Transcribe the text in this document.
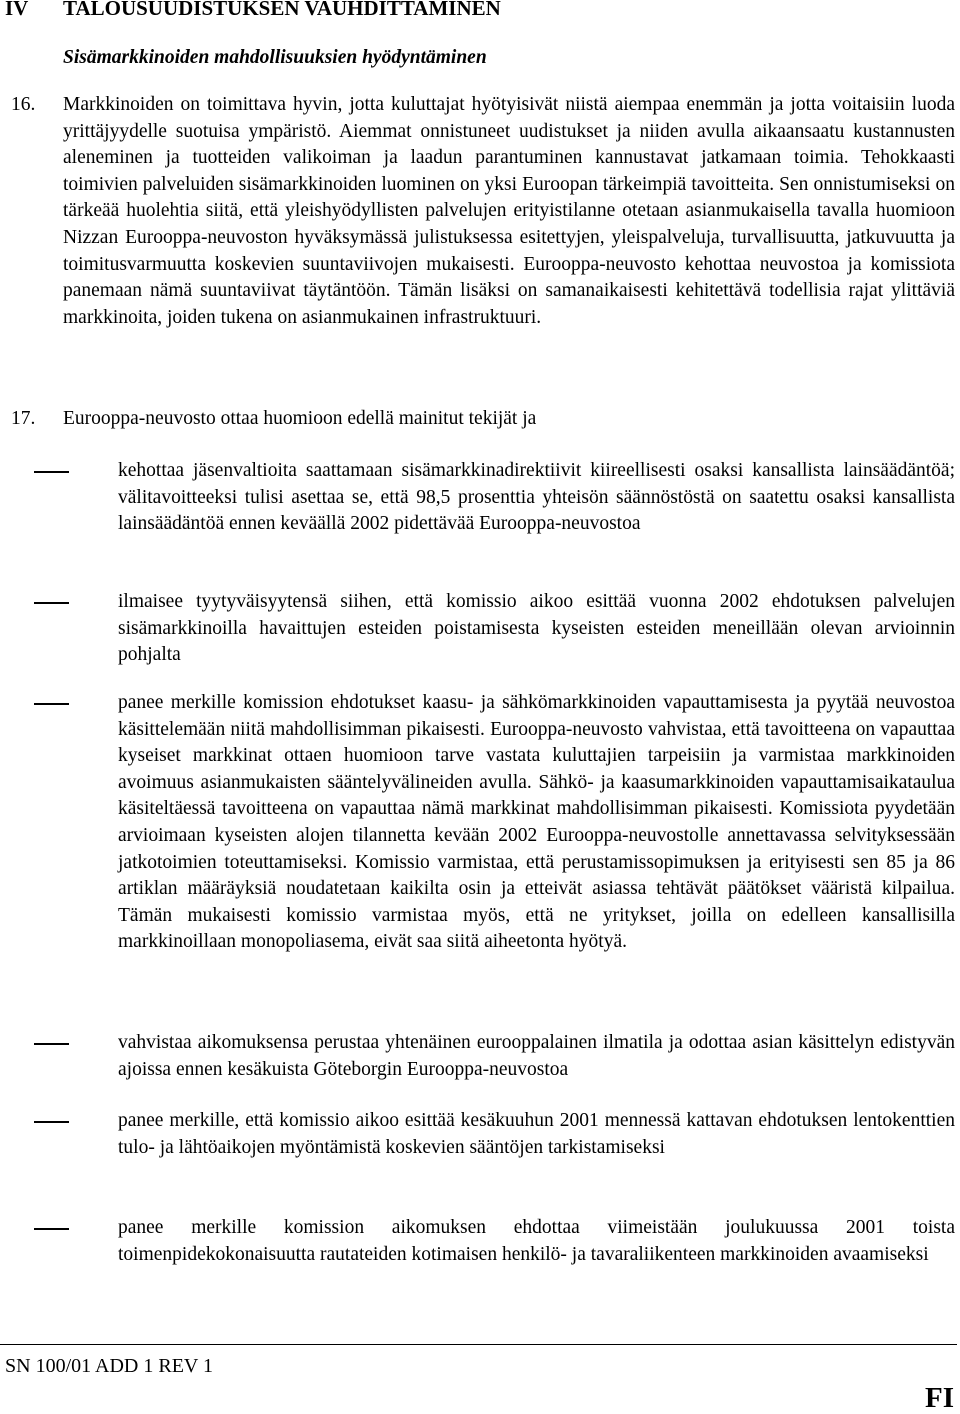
IV TALOUSUUDISTUKSEN VAUHDITTAMINEN
Sisämarkkinoiden mahdollisuuksien hyödyntäminen
16. Markkinoiden on toimittava hyvin, jotta kuluttajat hyötyisivät niistä aiempaa enemmän ja jotta voitaisiin luoda yrittäjyydelle suotuisa ympäristö. Aiemmat onnistuneet uudistukset ja niiden avulla aikaansaatu kustannusten aleneminen ja tuotteiden valikoiman ja laadun parantuminen kannustavat jatkamaan toimia. Tehokkaasti toimivien palveluiden sisämarkkinoiden luominen on yksi Euroopan tärkeimpiä tavoitteita. Sen onnistumiseksi on tärkeää huolehtia siitä, että yleishyödyllisten palvelujen erityistilanne otetaan asianmukaisella tavalla huomioon Nizzan Eurooppa-neuvoston hyväksymässä julistuksessa esitettyjen, yleispalveluja, turvallisuutta, jatkuvuutta ja toimitusvarmuutta koskevien suuntaviivojen mukaisesti. Eurooppa-neuvosto kehottaa neuvostoa ja komissiota panemaan nämä suuntaviivat täytäntöön. Tämän lisäksi on samanaikaisesti kehitettävä todellisia rajat ylittäviä markkinoita, joiden tukena on asianmukainen infrastruktuuri.

17. Eurooppa-neuvosto ottaa huomioon edellä mainitut tekijät ja

kehottaa jäsenvaltioita saattamaan sisämarkkinadirektiivit kiireellisesti osaksi kansallista lainsäädäntöä; välitavoitteeksi tulisi asettaa se, että 98,5 prosenttia yhteisön säännöstöstä on saatettu osaksi kansallista lainsäädäntöä ennen keväällä 2002 pidettävää Eurooppa-neuvostoa

ilmaisee tyytyväisyytensä siihen, että komissio aikoo esittää vuonna 2002 ehdotuksen palvelujen sisämarkkinoilla havaittujen esteiden poistamisesta kyseisten esteiden meneillään olevan arvioinnin pohjalta

panee merkille komission ehdotukset kaasu- ja sähkömarkkinoiden vapauttamisesta ja pyytää neuvostoa käsittelemään niitä mahdollisimman pikaisesti. Eurooppa-neuvosto vahvistaa, että tavoitteena on vapauttaa kyseiset markkinat ottaen huomioon tarve vastata kuluttajien tarpeisiin ja varmistaa markkinoiden avoimuus asianmukaisten sääntelyvälineiden avulla. Sähkö- ja kaasumarkkinoiden vapauttamisaikataulua käsiteltäessä tavoitteena on vapauttaa nämä markkinat mahdollisimman pikaisesti. Komissiota pyydetään arvioimaan kyseisten alojen tilannetta kevään 2002 Eurooppa-neuvostolle annettavassa selvityksessään jatkotoimien toteuttamiseksi. Komissio varmistaa, että perustamissopimuksen ja erityisesti sen 85 ja 86 artiklan määräyksiä noudatetaan kaikilta osin ja etteivät asiassa tehtävät päätökset vääristä kilpailua. Tämän mukaisesti komissio varmistaa myös, että ne yritykset, joilla on edelleen kansallisilla markkinoillaan monopoliasema, eivät saa siitä aiheetonta hyötyä.

vahvistaa aikomuksensa perustaa yhtenäinen eurooppalainen ilmatila ja odottaa asian käsittelyn edistyvän ajoissa ennen kesäkuista Göteborgin Eurooppa-neuvostoa

panee merkille, että komissio aikoo esittää kesäkuuhun 2001 mennessä kattavan ehdotuksen lentokenttien tulo- ja lähtöaikojen myöntämistä koskevien sääntöjen tarkistamiseksi

panee merkille komission aikomuksen ehdottaa viimeistään joulukuussa 2001 toista toimenpidekokonaisuutta rautateiden kotimaisen henkilö- ja tavaraliikenteen markkinoiden avaamiseksi

SN 100/01 ADD 1 REV 1
FI
